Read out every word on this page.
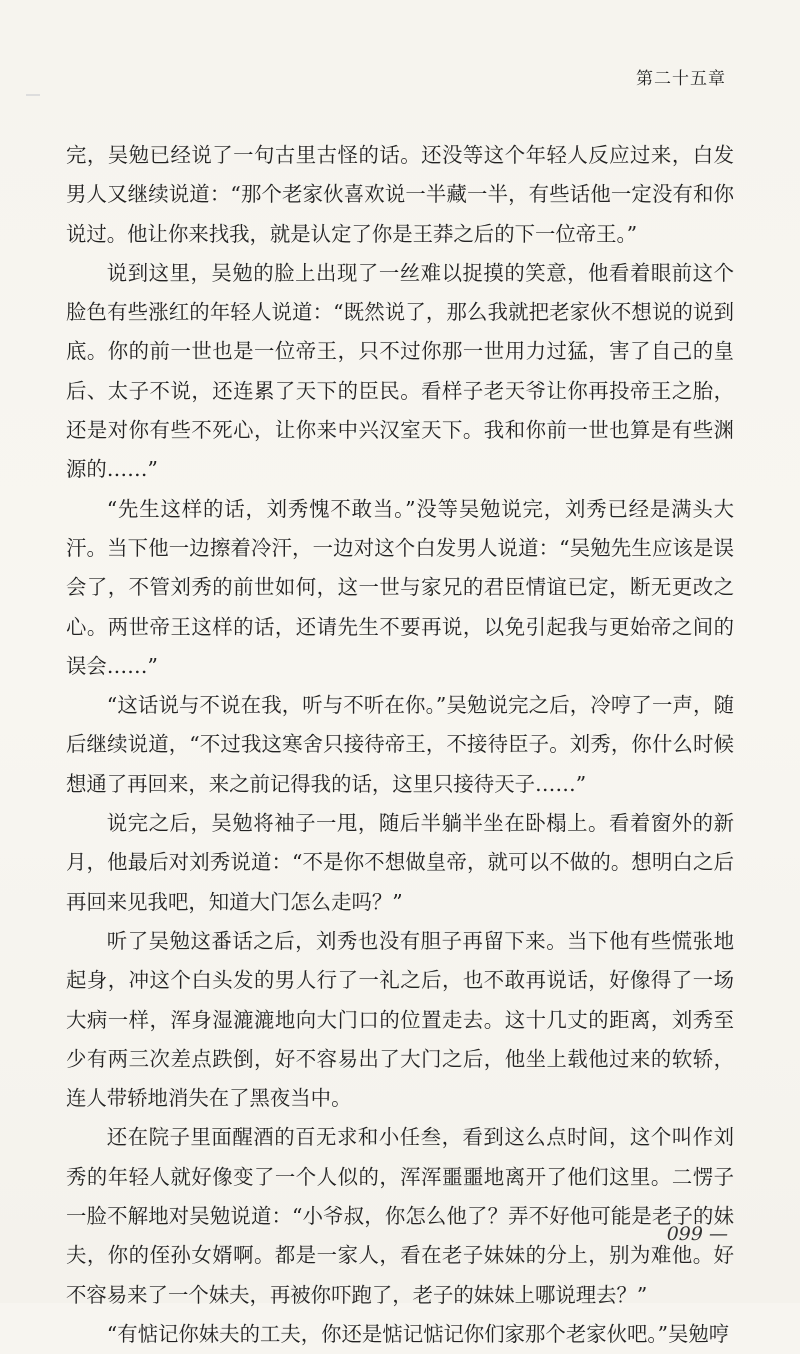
第二十五章

完，吴勉已经说了一句古里古怪的话。还没等这个年轻人反应过来，白发男人又继续说道：“那个老家伙喜欢说一半藏一半，有些话他一定没有和你说过。他让你来找我，就是认定了你是王莽之后的下一位帝王。”

说到这里，吴勉的脸上出现了一丝难以捉摸的笑意，他看着眼前这个脸色有些涨红的年轻人说道：“既然说了，那么我就把老家伙不想说的说到底。你的前一世也是一位帝王，只不过你那一世用力过猛，害了自己的皇后、太子不说，还连累了天下的臣民。看样子老天爷让你再投帝王之胎，还是对你有些不死心，让你来中兴汉室天下。我和你前一世也算是有些渊源的……”

“先生这样的话，刘秀愧不敢当。”没等吴勉说完，刘秀已经是满头大汗。当下他一边擦着冷汗，一边对这个白发男人说道：“吴勉先生应该是误会了，不管刘秀的前世如何，这一世与家兄的君臣情谊已定，断无更改之心。两世帝王这样的话，还请先生不要再说，以免引起我与更始帝之间的误会……”

“这话说与不说在我，听与不听在你。”吴勉说完之后，冷哼了一声，随后继续说道，“不过我这寒舍只接待帝王，不接待臣子。刘秀，你什么时候想通了再回来，来之前记得我的话，这里只接待天子……”

说完之后，吴勉将袖子一甩，随后半躺半坐在卧榻上。看着窗外的新月，他最后对刘秀说道：“不是你不想做皇帝，就可以不做的。想明白之后再回来见我吧，知道大门怎么走吗？”

听了吴勉这番话之后，刘秀也没有胆子再留下来。当下他有些慌张地起身，冲这个白头发的男人行了一礼之后，也不敢再说话，好像得了一场大病一样，浑身湿漉漉地向大门口的位置走去。这十几丈的距离，刘秀至少有两三次差点跌倒，好不容易出了大门之后，他坐上载他过来的软轿，连人带轿地消失在了黑夜当中。

还在院子里面醒酒的百无求和小任叁，看到这么点时间，这个叫作刘秀的年轻人就好像变了一个人似的，浑浑噩噩地离开了他们这里。二愣子一脸不解地对吴勉说道：“小爷叔，你怎么他了？弄不好他可能是老子的妹夫，你的侄孙女婿啊。都是一家人，看在老子妹妹的分上，别为难他。好不容易来了一个妹夫，再被你吓跑了，老子的妹妹上哪说理去？”

“有惦记你妹夫的工夫，你还是惦记惦记你们家那个老家伙吧。”吴勉哼

099 —
